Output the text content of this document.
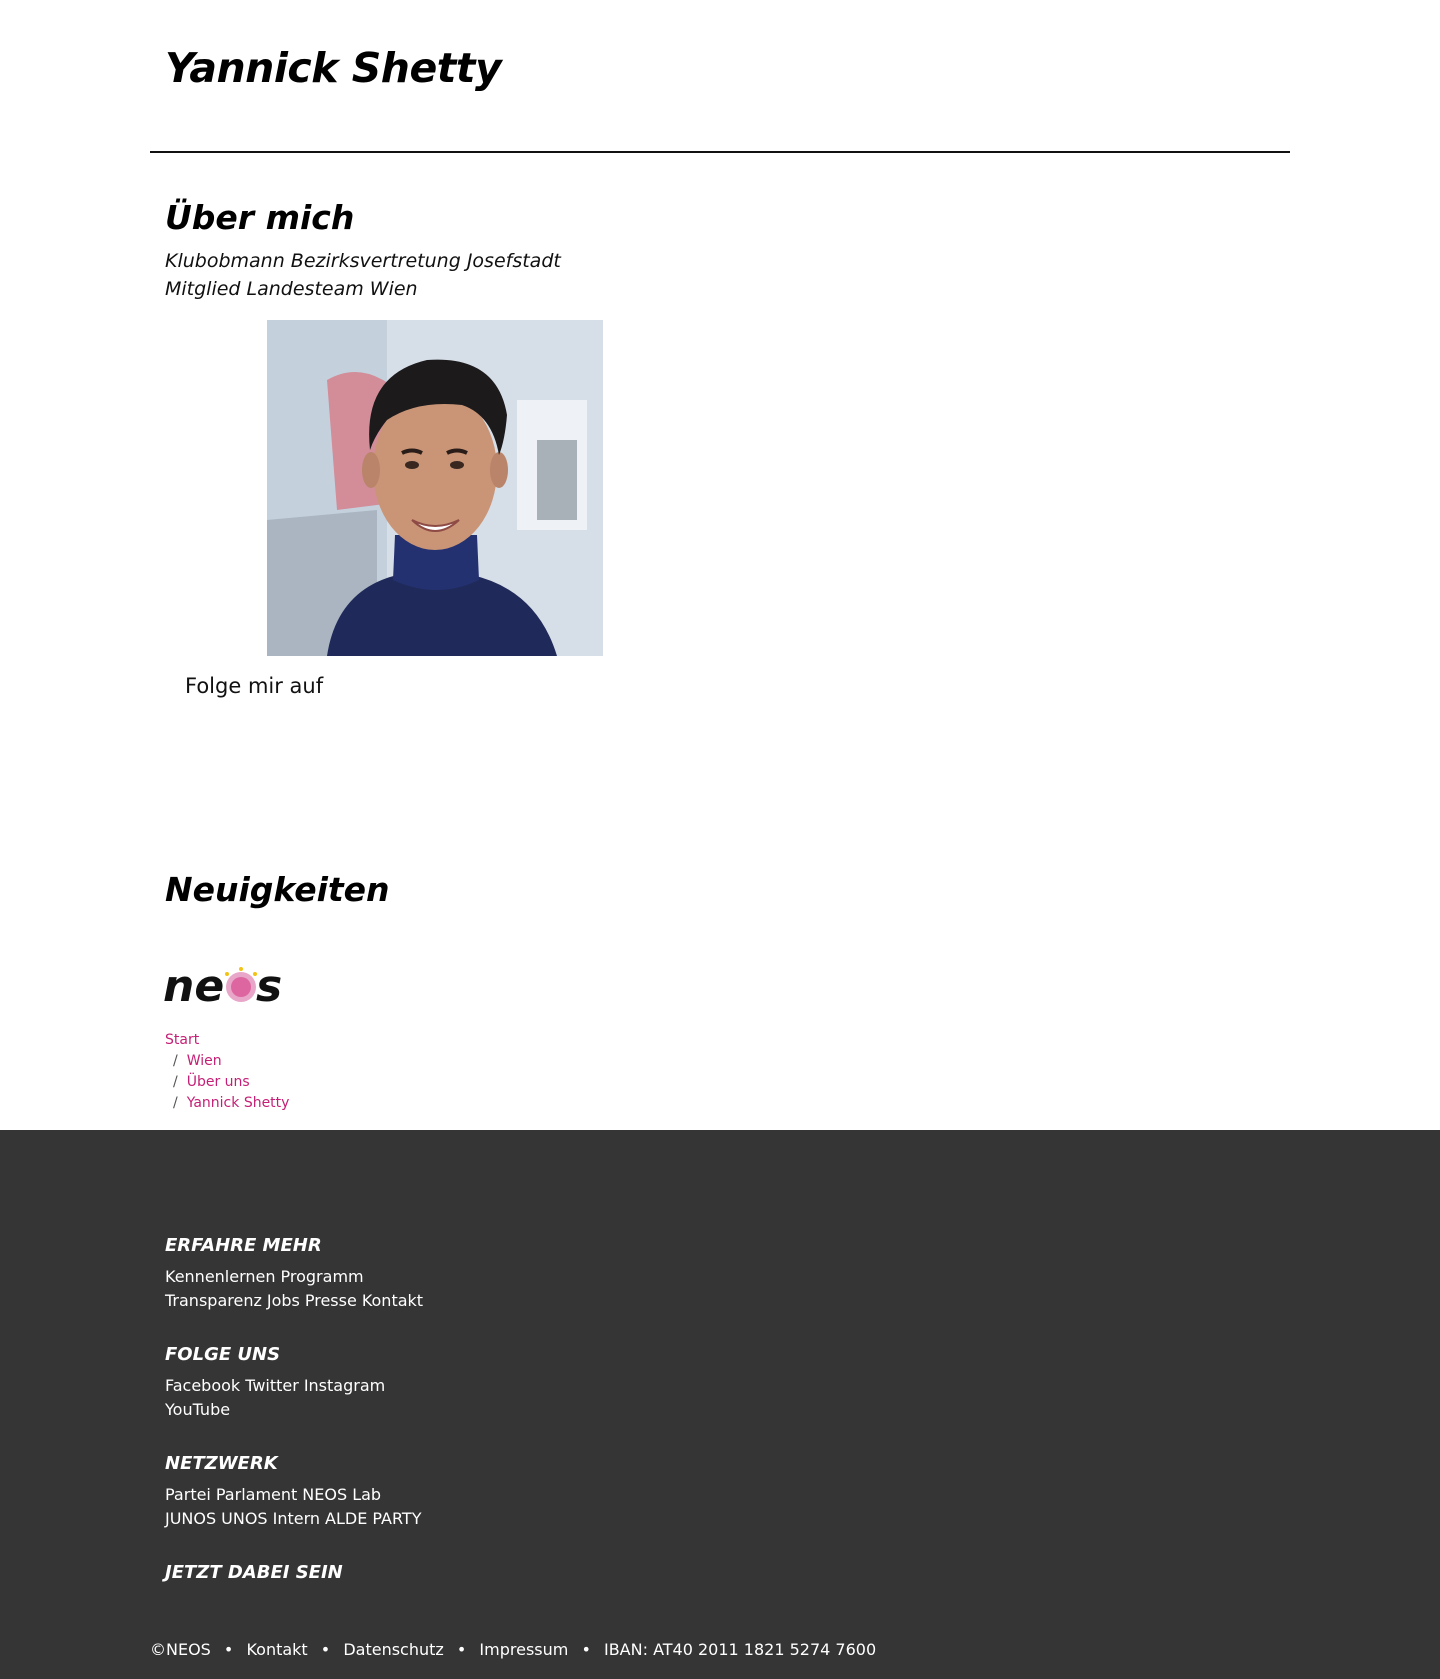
Yannick Shetty
Über mich
Klubobmann Bezirksvertretung Josefstadt
Mitglied Landesteam Wien
Folge mir auf
Neuigkeiten
ne s
Start
/ Wien
/ Über uns
/ Yannick Shetty
ERFAHRE MEHR
Kennenlernen Programm
Transparenz Jobs Presse Kontakt
FOLGE UNS
Facebook Twitter Instagram
YouTube
NETZWERK
Partei Parlament NEOS Lab
JUNOS UNOS Intern ALDE PARTY
JETZT DABEI SEIN
©NEOS • Kontakt • Datenschutz • Impressum • IBAN: AT40 2011 1821 5274 7600
